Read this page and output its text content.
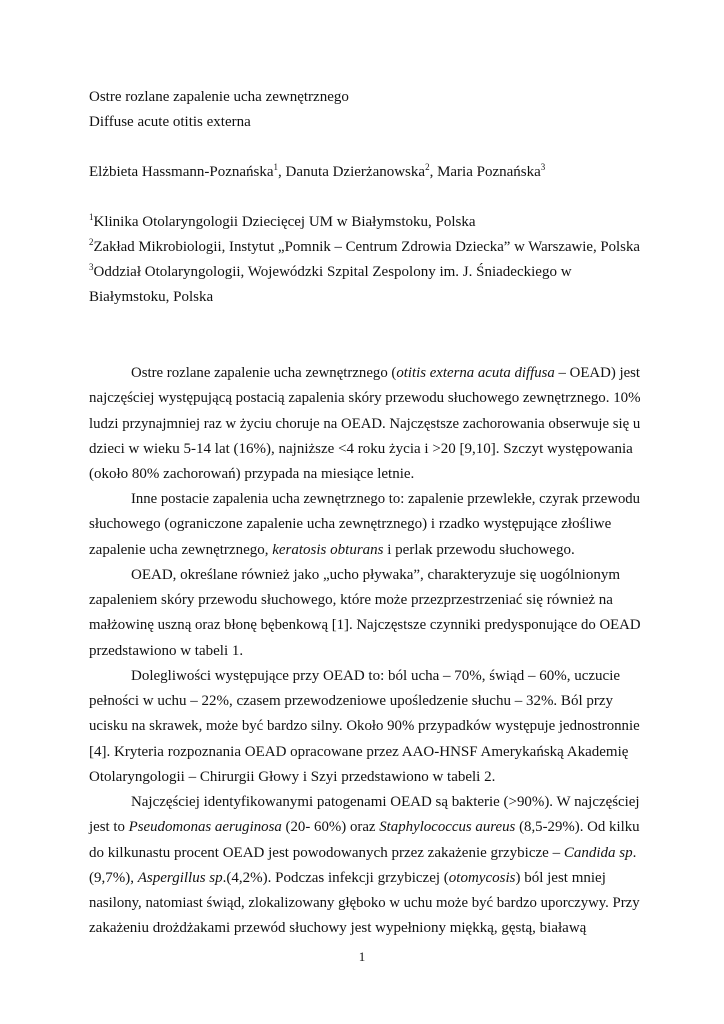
Ostre rozlane zapalenie ucha zewnętrznego
Diffuse acute otitis externa
Elżbieta Hassmann-Poznańska$^1$, Danuta Dzierżanowska$^2$, Maria Poznańska$^3$
$^1$Klinika Otolaryngologii Dziecięcej UM w Białymstoku, Polska
$^2$Zakład Mikrobiologii, Instytut „Pomnik – Centrum Zdrowia Dziecka” w Warszawie, Polska
$^3$Oddział Otolaryngologii, Wojewódzki Szpital Zespolony im. J. Śniadeckiego w
Białymstoku, Polska
Ostre rozlane zapalenie ucha zewnętrznego (otitis externa acuta diffusa – OEAD) jest
najczęściej występującą postacią zapalenia skóry przewodu słuchowego zewnętrznego. 10%
ludzi przynajmniej raz w życiu choruje na OEAD. Najczęstsze zachorowania obserwuje się u
dzieci w wieku 5-14 lat (16%), najniższe <4 roku życia i >20 [9,10]. Szczyt występowania
(około 80% zachorowań) przypada na miesiące letnie.
Inne postacie zapalenia ucha zewnętrznego to: zapalenie przewlekłe, czyrak przewodu
słuchowego (ograniczone zapalenie ucha zewnętrznego) i rzadko występujące złośliwe
zapalenie ucha zewnętrznego, keratosis obturans i perlak przewodu słuchowego.
OEAD, określane również jako „ucho pływaka”, charakteryzuje się uogólnionym
zapaleniem skóry przewodu słuchowego, które może przezprzestrzeniać się również na
małżowinę uszną oraz błonę bębenkową [1]. Najczęstsze czynniki predysponujące do OEAD
przedstawiono w tabeli 1.
Dolegliwości występujące przy OEAD to: ból ucha – 70%, świąd – 60%, uczucie
pełności w uchu – 22%, czasem przewodzeniowe upośledzenie słuchu – 32%. Ból przy
ucisku na skrawek, może być bardzo silny. Około 90% przypadków występuje jednostronnie
[4]. Kryteria rozpoznania OEAD opracowane przez AAO-HNSF Amerykańską Akademię
Otolaryngologii – Chirurgii Głowy i Szyi przedstawiono w tabeli 2.
Najczęściej identyfikowanymi patogenami OEAD są bakterie (>90%). W najczęściej
jest to Pseudomonas aeruginosa (20- 60%) oraz Staphylococcus aureus (8,5-29%). Od kilku
do kilkunastu procent OEAD jest powodowanych przez zakażenie grzybicze – Candida sp.
(9,7%), Aspergillus sp.(4,2%). Podczas infekcji grzybiczej (otomycosis) ból jest mniej
nasilony, natomiast świąd, zlokalizowany głęboko w uchu może być bardzo uporczywy. Przy
zakażeniu drożdżakami przewód słuchowy jest wypełniony miękką, gęstą, białawą
1
